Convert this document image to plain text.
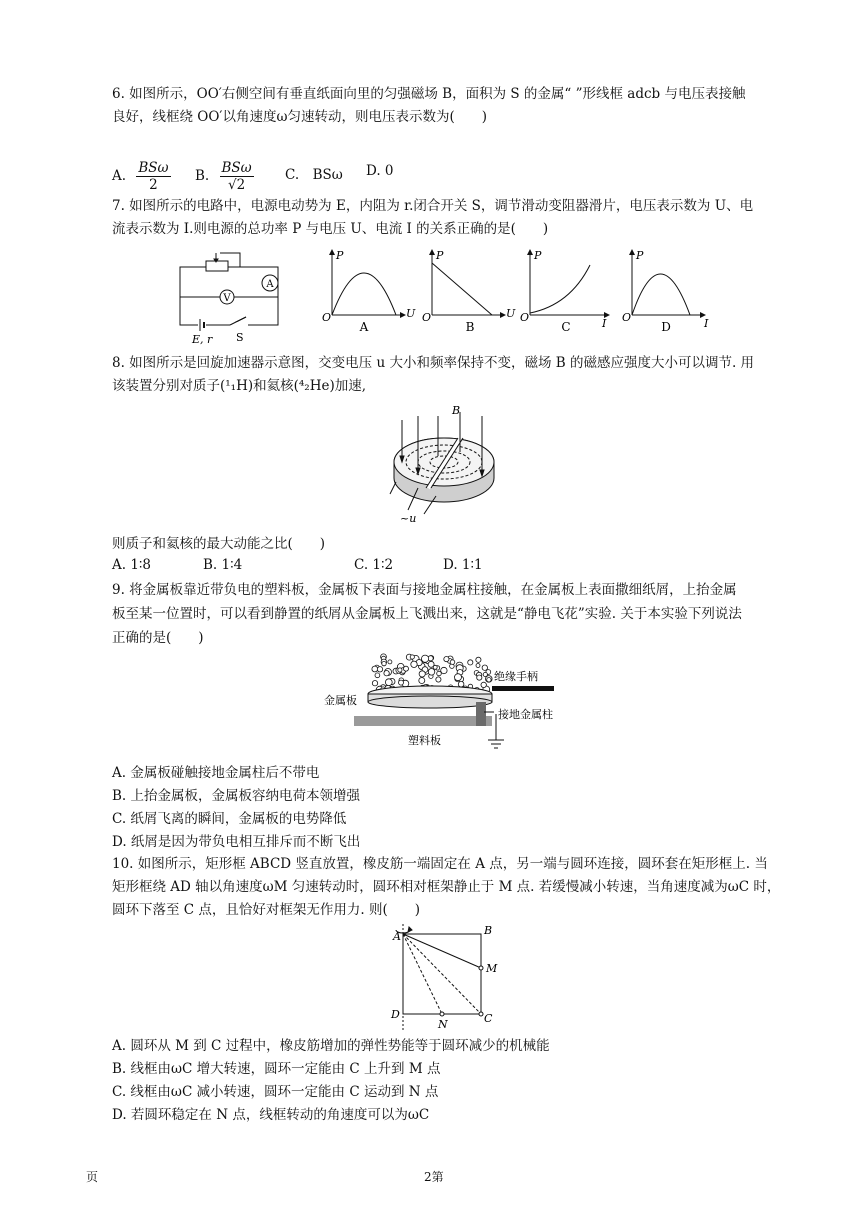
6. 如图所示，OO′右侧空间有垂直纸面向里的匀强磁场 B，面积为 S 的金属“ ”形线框 adcb 与电压表接触
良好，线框绕 OO′以角速度ω匀速转动，则电压表示数为(　　)
A. BSω
2
B. BSω
√2
C.　BSω D. 0
7. 如图所示的电路中，电源电动势为 E，内阻为 r.闭合开关 S，调节滑动变阻器滑片，电压表示数为 U、电
流表示数为 I.则电源的总功率 P 与电压 U、电流 I 的关系正确的是(　　)
V
A
E, r S
P
U
O
A
P
U
O
B
P
I
O
C
P
I
O
D
8. 如图所示是回旋加速器示意图，交变电压 u 大小和频率保持不变，磁场 B 的磁感应强度大小可以调节. 用
该装置分别对质子(¹₁H)和氦核(⁴₂He)加速,
B
~u
则质子和氦核的最大动能之比(　　)
A. 1∶8	B. 1∶4	C. 1∶2	D. 1∶1
9. 将金属板靠近带负电的塑料板，金属板下表面与接地金属柱接触，在金属板上表面撒细纸屑，上抬金属
板至某一位置时，可以看到静置的纸屑从金属板上飞溅出来，这就是“静电飞花”实验. 关于本实验下列说法
正确的是(　　)
金属板
绝缘手柄
接地金属柱
塑料板
A. 金属板碰触接地金属柱后不带电
B. 上抬金属板，金属板容纳电荷本领增强
C. 纸屑飞离的瞬间，金属板的电势降低
D. 纸屑是因为带负电相互排斥而不断飞出
10. 如图所示，矩形框 ABCD 竖直放置，橡皮筋一端固定在 A 点，另一端与圆环连接，圆环套在矩形框上. 当
矩形框绕 AD 轴以角速度ωM 匀速转动时，圆环相对框架静止于 M 点. 若缓慢减小转速，当角速度减为ωC 时，
圆环下落至 C 点，且恰好对框架无作用力. 则(　　)
A	B
C
D
M
N
A. 圆环从 M 到 C 过程中，橡皮筋增加的弹性势能等于圆环减少的机械能
B. 线框由ωC 增大转速，圆环一定能由 C 上升到 M 点
C. 线框由ωC 减小转速，圆环一定能由 C 运动到 N 点
D. 若圆环稳定在 N 点，线框转动的角速度可以为ωC
页	2第
